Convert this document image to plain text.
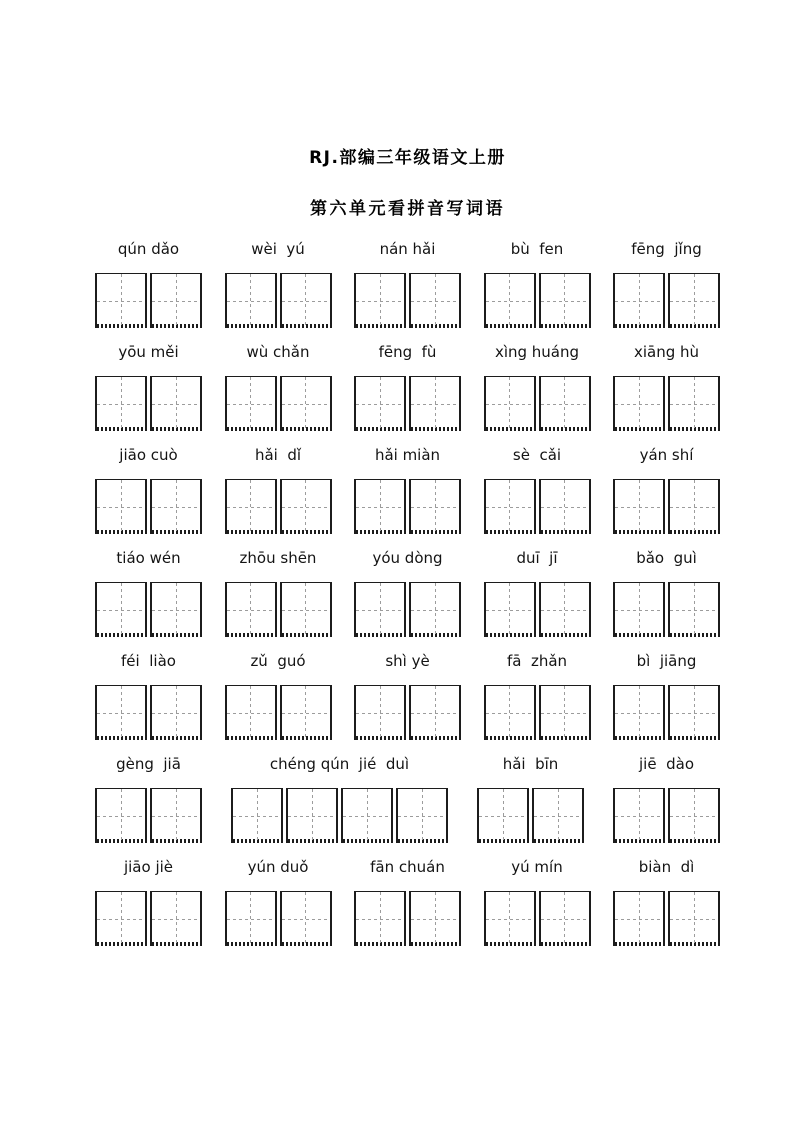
RJ.部编三年级语文上册
第六单元看拼音写词语
qún dǎo	wèi  yú	nán hǎi	bù  fen	fēng  jǐng
yōu měi	wù chǎn	fēng  fù	xìng huáng	xiāng hù
jiāo cuò	hǎi  dǐ	hǎi miàn	sè  cǎi	yán shí
tiáo wén	zhōu shēn	yóu dòng	duī  jī	bǎo  guì
féi  liào	zǔ  guó	shì yè	fā  zhǎn	bì  jiāng
gèng  jiā	chéng qún  jié  duì	hǎi  bīn	jiē  dào
jiāo jiè	yún duǒ	fān chuán	yú mín	biàn  dì
